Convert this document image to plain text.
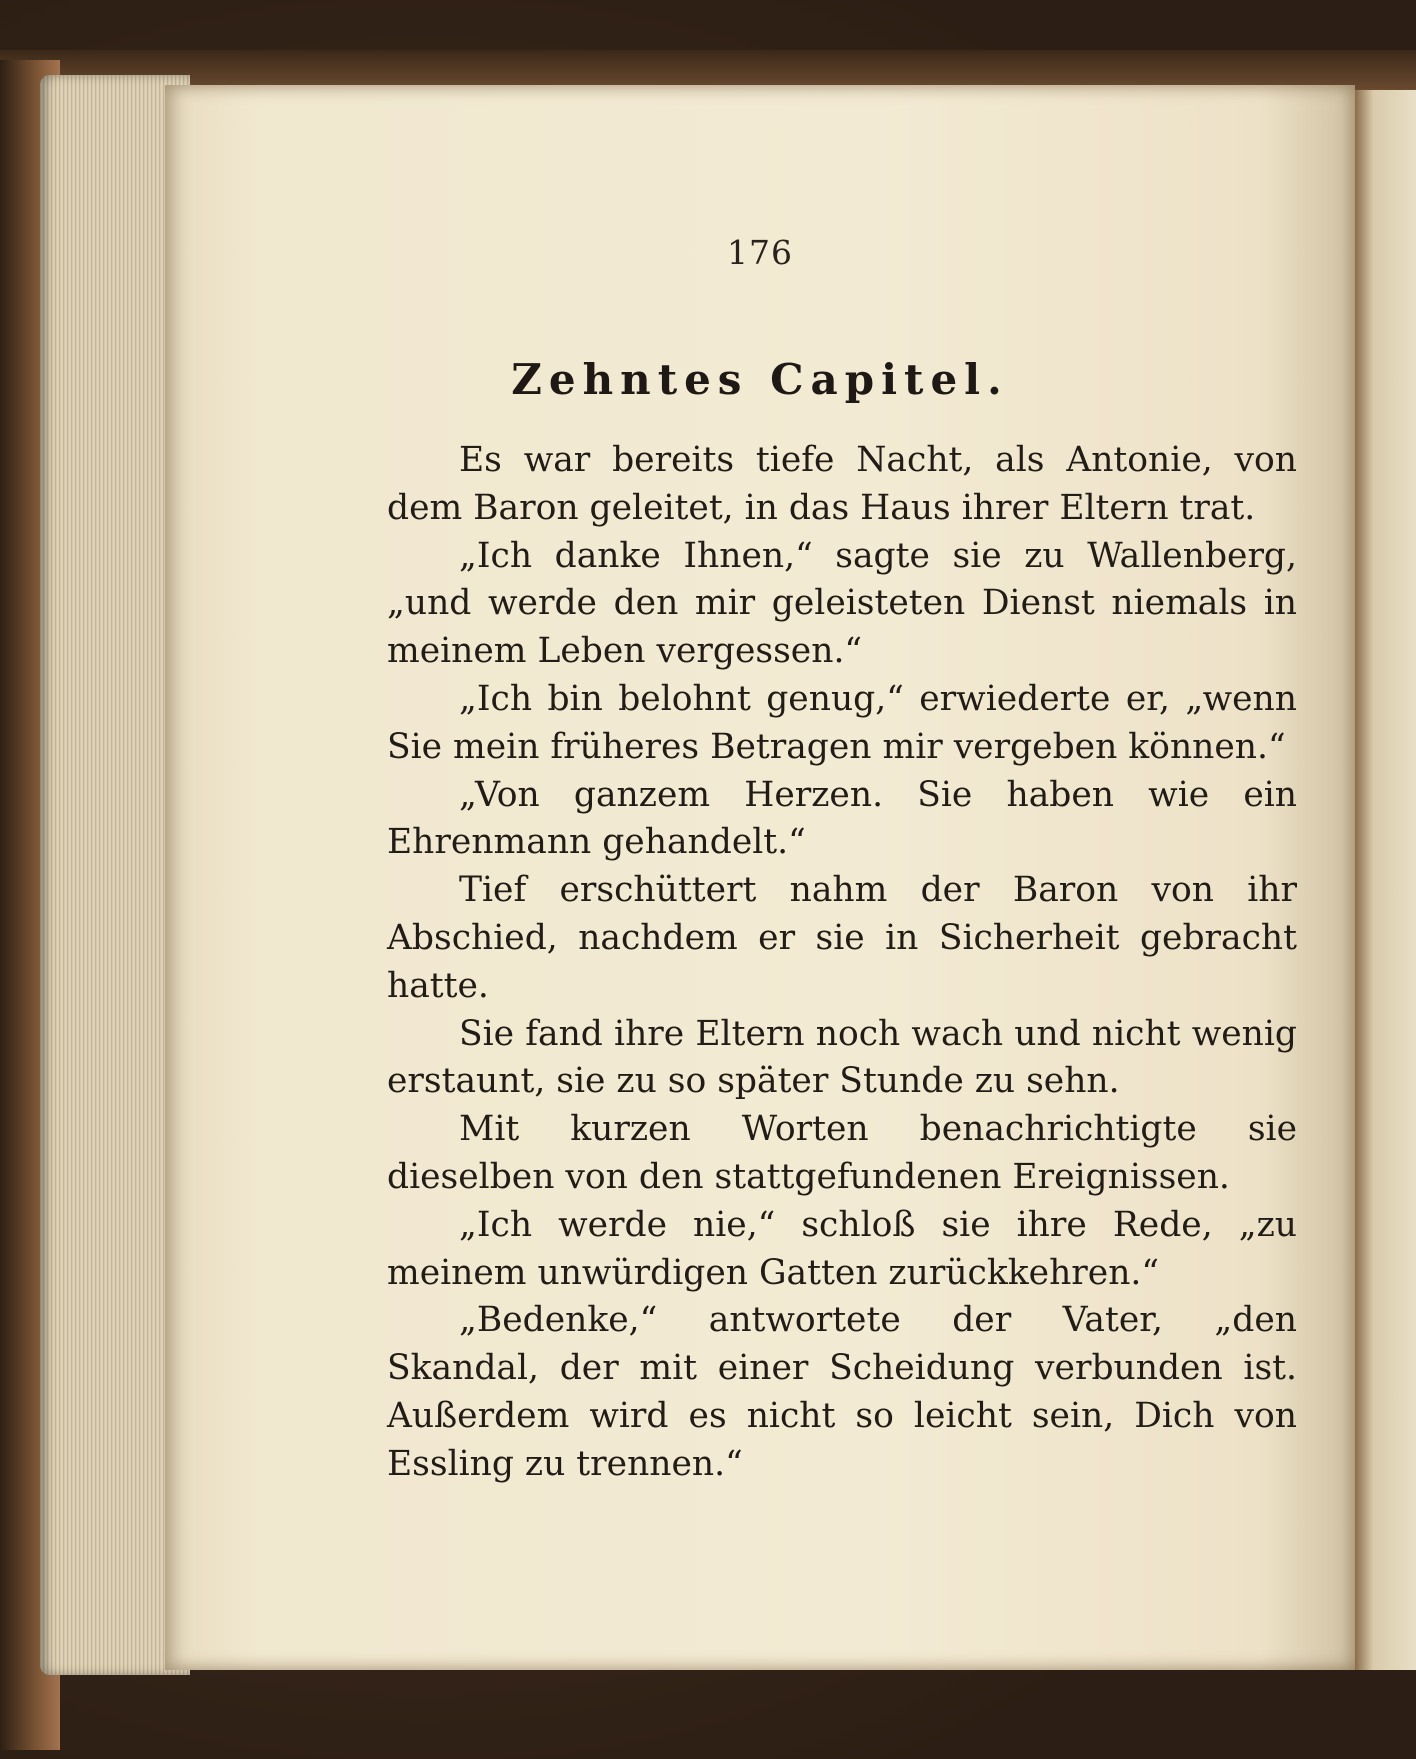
176
Zehntes Capitel.

Es war bereits tiefe Nacht, als Antonie, von dem Baron geleitet, in das Haus ihrer Eltern trat.

„Ich danke Ihnen,“ sagte sie zu Wallenberg, „und werde den mir geleisteten Dienst niemals in meinem Leben vergessen.“

„Ich bin belohnt genug,“ erwiederte er, „wenn Sie mein früheres Betragen mir vergeben können.“

„Von ganzem Herzen. Sie haben wie ein Ehrenmann gehandelt.“

Tief erschüttert nahm der Baron von ihr Abschied, nachdem er sie in Sicherheit gebracht hatte.

Sie fand ihre Eltern noch wach und nicht wenig erstaunt, sie zu so später Stunde zu sehn.

Mit kurzen Worten benachrichtigte sie dieselben von den stattgefundenen Ereignissen.

„Ich werde nie,“ schloß sie ihre Rede, „zu meinem unwürdigen Gatten zurückkehren.“

„Bedenke,“ antwortete der Vater, „den Skandal, der mit einer Scheidung verbunden ist. Außerdem wird es nicht so leicht sein, Dich von Essling zu trennen.“
